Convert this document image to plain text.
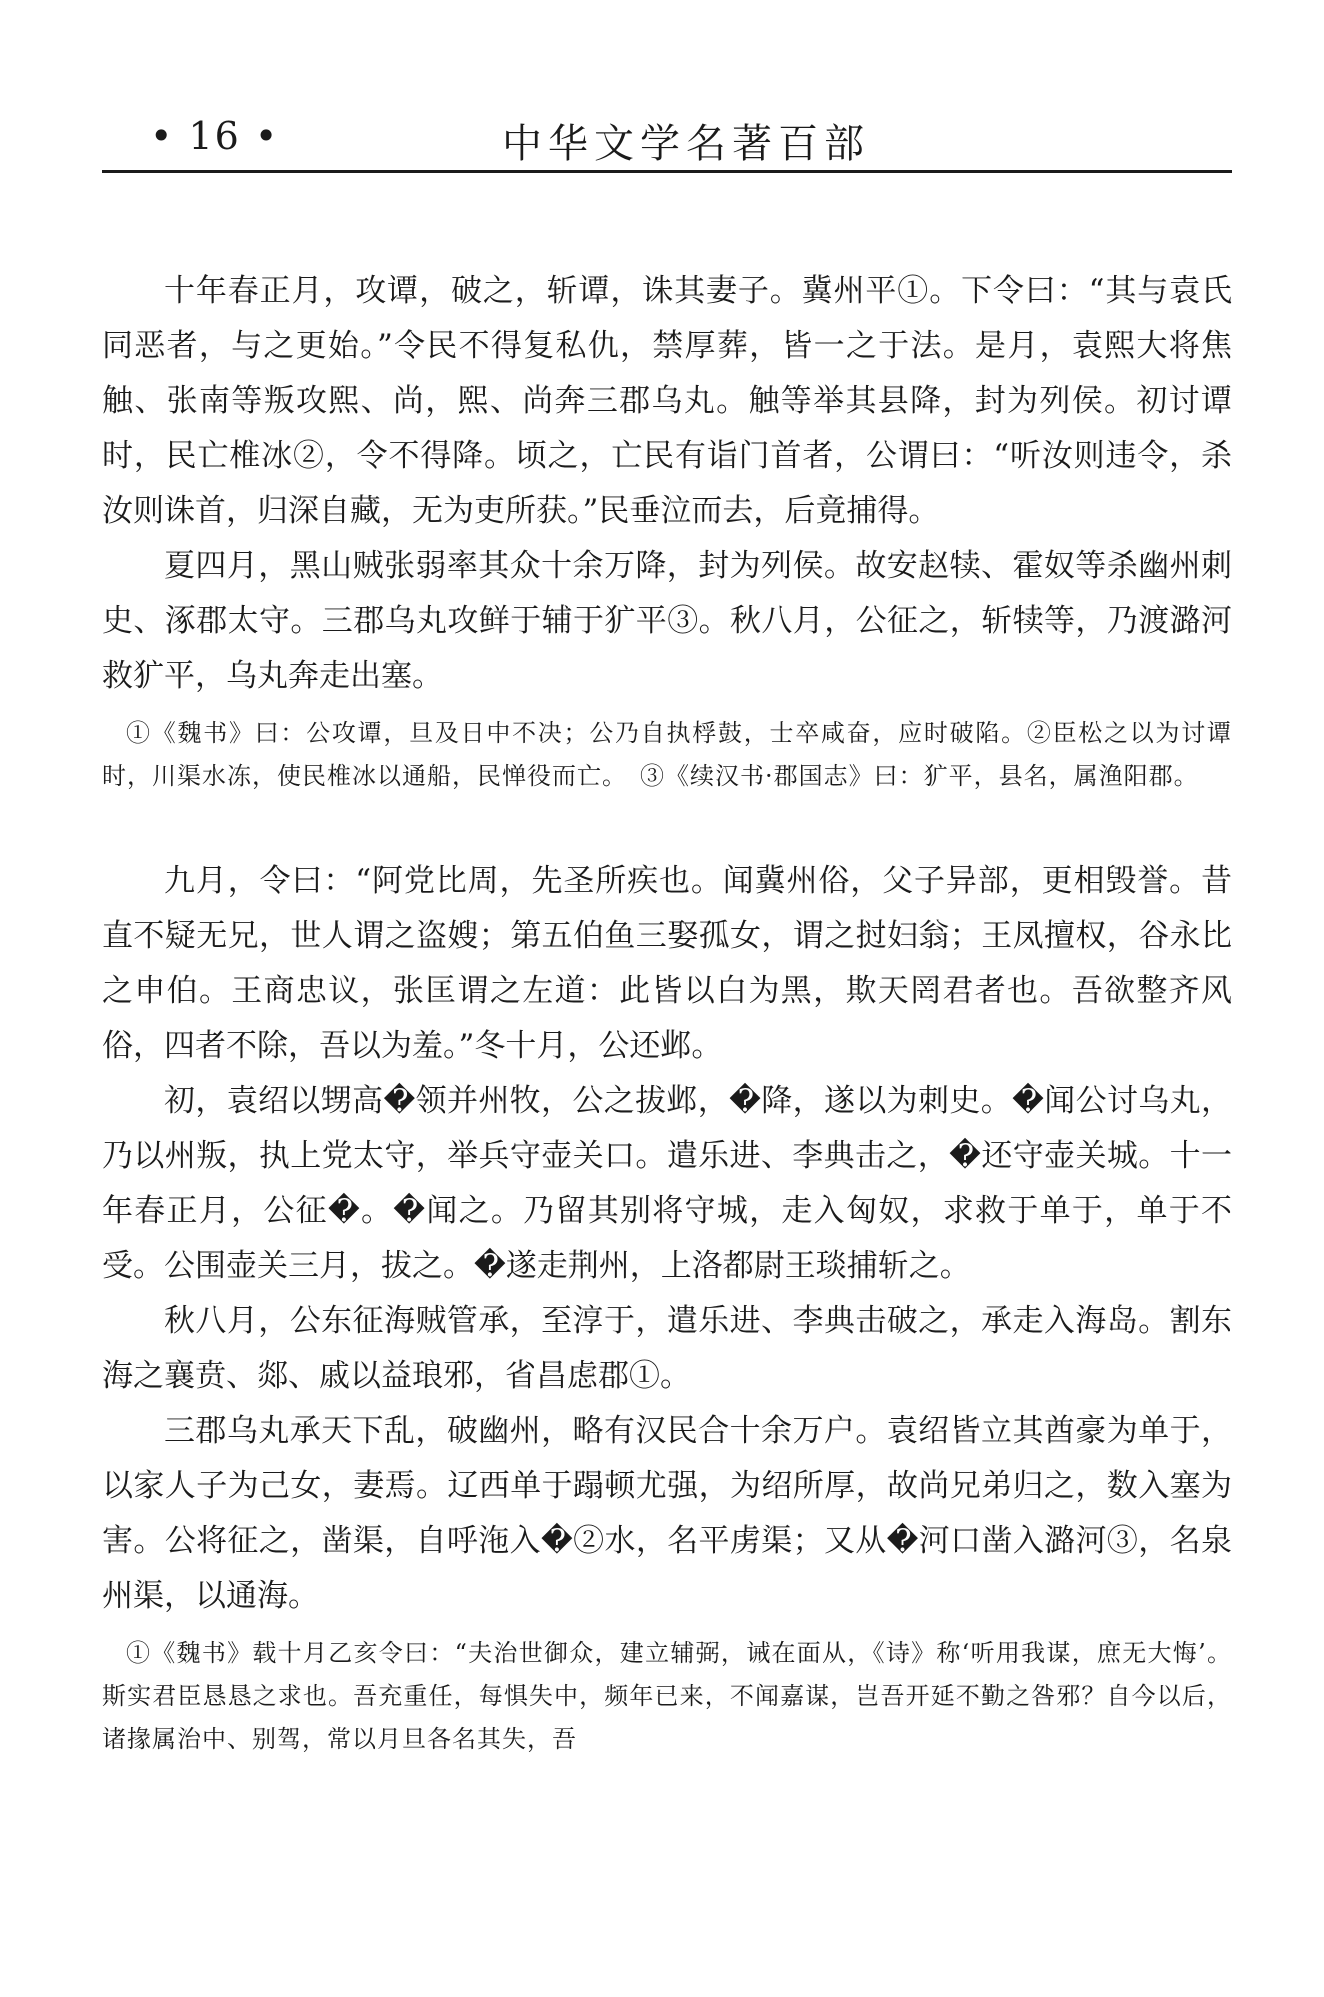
• 16 •	中华文学名著百部

十年春正月，攻谭，破之，斩谭，诛其妻子。冀州平①。下令曰：“其与袁氏同恶者，与之更始。”令民不得复私仇，禁厚葬，皆一之于法。是月，袁熙大将焦触、张南等叛攻熙、尚，熙、尚奔三郡乌丸。触等举其县降，封为列侯。初讨谭时，民亡椎冰②，令不得降。顷之，亡民有诣门首者，公谓曰：“听汝则违令，杀汝则诛首，归深自藏，无为吏所获。”民垂泣而去，后竟捕得。

夏四月，黑山贼张弱率其众十余万降，封为列侯。故安赵犊、霍奴等杀幽州刺史、涿郡太守。三郡乌丸攻鲜于辅于犷平③。秋八月，公征之，斩犊等，乃渡潞河救犷平，乌丸奔走出塞。

①《魏书》曰：公攻谭，旦及日中不决；公乃自执桴鼓，士卒咸奋，应时破陷。②臣松之以为讨谭时，川渠水冻，使民椎冰以通船，民惮役而亡。　③《续汉书·郡国志》曰：犷平，县名，属渔阳郡。

九月，令曰：“阿党比周，先圣所疾也。闻冀州俗，父子异部，更相毁誉。昔直不疑无兄，世人谓之盗嫂；第五伯鱼三娶孤女，谓之挝妇翁；王凤擅权，谷永比之申伯。王商忠议，张匡谓之左道：此皆以白为黑，欺天罔君者也。吾欲整齐风俗，四者不除，吾以为羞。”冬十月，公还邺。

初，袁绍以甥高�领并州牧，公之拔邺，�降，遂以为刺史。�闻公讨乌丸，乃以州叛，执上党太守，举兵守壶关口。遣乐进、李典击之，�还守壶关城。十一年春正月，公征�。�闻之。乃留其别将守城，走入匈奴，求救于单于，单于不受。公围壶关三月，拔之。�遂走荆州，上洛都尉王琰捕斩之。

秋八月，公东征海贼管承，至淳于，遣乐进、李典击破之，承走入海岛。割东海之襄贲、郯、戚以益琅邪，省昌虑郡①。

三郡乌丸承天下乱，破幽州，略有汉民合十余万户。袁绍皆立其酋豪为单于，以家人子为己女，妻焉。辽西单于蹋顿尤强，为绍所厚，故尚兄弟归之，数入塞为害。公将征之，凿渠，自呼沲入�②水，名平虏渠；又从�河口凿入潞河③，名泉州渠，以通海。

①《魏书》载十月乙亥令曰：“夫治世御众，建立辅弼，诫在面从，《诗》称‘听用我谋，庶无大悔’。斯实君臣恳恳之求也。吾充重任，每惧失中，频年已来，不闻嘉谋，岂吾开延不勤之咎邪？自今以后，诸掾属治中、别驾，常以月旦各名其失，吾
